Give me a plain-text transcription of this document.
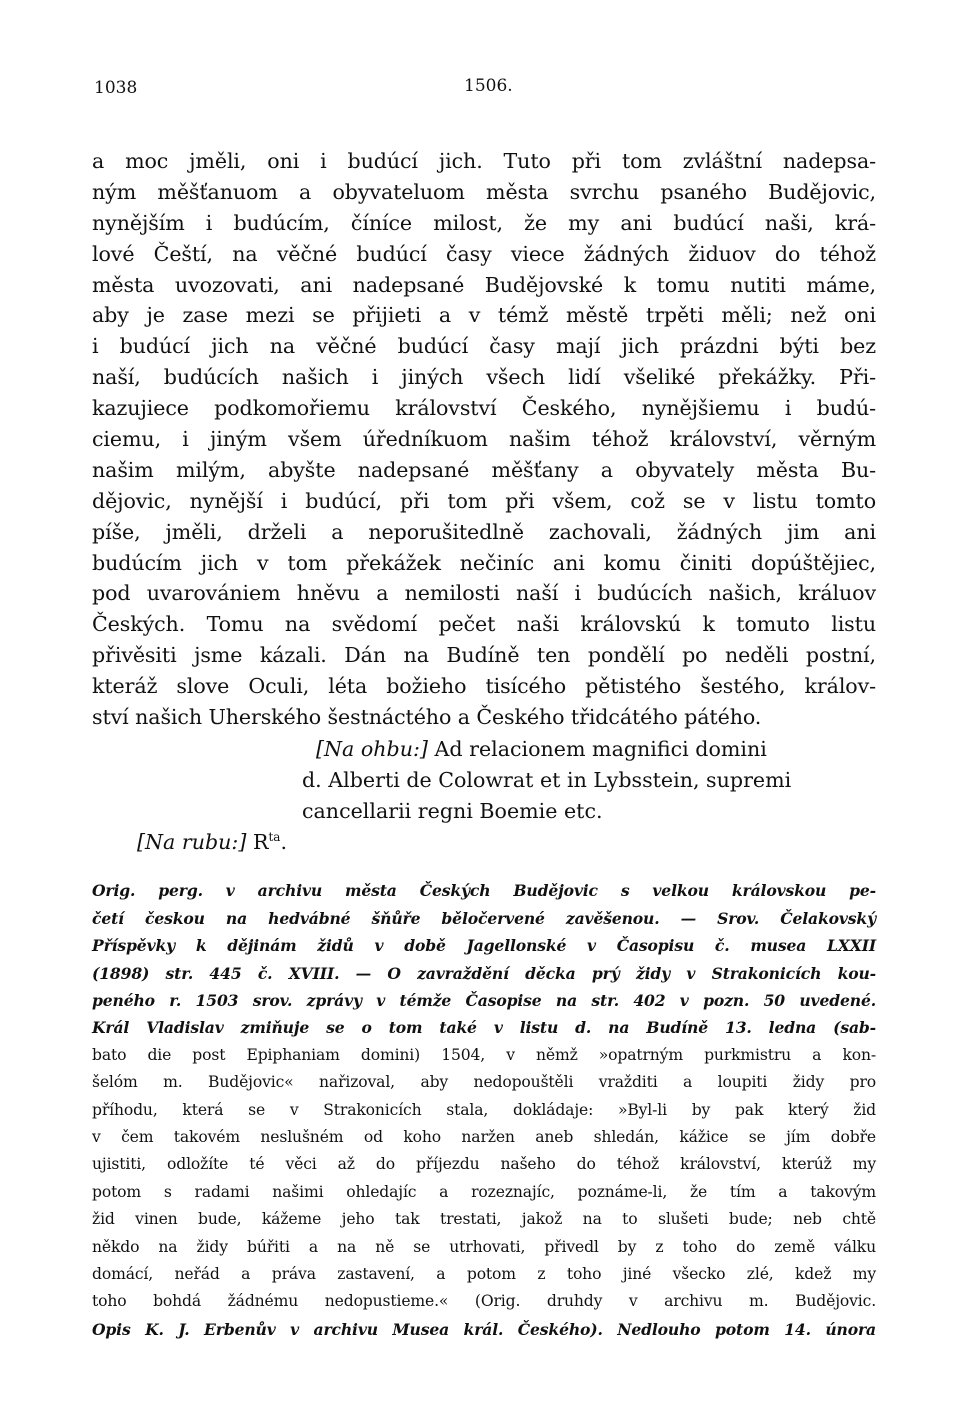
1038	1506.
a moc jměli, oni i budúcí jich. Tuto při tom zvláštní nadepsa-
ným měšťanuom a obyvateluom města svrchu psaného Budějovic,
nynějším i budúcím, číníce milost, že my ani budúcí naši, krá-
lové Čeští, na věčné budúcí časy viece žádných židuov do téhož
města uvozovati, ani nadepsané Budějovské k tomu nutiti máme,
aby je zase mezi se přijieti a v témž městě trpěti měli; než oni
i budúcí jich na věčné budúcí časy mají jich prázdni býti bez
naší, budúcích našich i jiných všech lidí všeliké překážky. Při-
kazujiece podkomořiemu království Českého, nynějšiemu i budú-
ciemu, i jiným všem úředníkuom našim téhož království, věrným
našim milým, abyšte nadepsané měšťany a obyvately města Bu-
dějovic, nynější i budúcí, při tom při všem, což se v listu tomto
píše, jměli, drželi a neporušitedlně zachovali, žádných jim ani
budúcím jich v tom překážek nečiníc ani komu činiti dopúštějiec,
pod uvarovániem hněvu a nemilosti naší i budúcích našich, králuov
Českých. Tomu na svědomí pečet naši královskú k tomuto listu
přivěsiti jsme kázali. Dán na Budíně ten pondělí po neděli postní,
kteráž slove Oculi, léta božieho tisícého pětistého šestého, králov-
ství našich Uherského šestnáctého a Českého třidcátého pátého.
[Na ohbu:] Ad relacionem magnifici domini
d. Alberti de Colowrat et in Lybsstein, supremi
cancellarii regni Boemie etc.
[Na rubu:] $R^{ta}$.
Orig. perg. v archivu města Českých Budějovic s velkou královskou pe-
četí českou na hedvábné šňůře běločervené zavěšenou. — Srov. Čelakovský
Příspěvky k dějinám židů v době Jagellonské v Časopisu č. musea LXXII
(1898) str. 445 č. XVIII. — O zavraždění děcka prý židy v Strakonicích kou-
peného r. 1503 srov. zprávy v témže Časopise na str. 402 v pozn. 50 uvedené.
Král Vladislav zmiňuje se o tom také v listu d. na Budíně 13. ledna (sab-
bato die post Epiphaniam domini) 1504, v němž »opatrným purkmistru a kon-
šelóm m. Budějovic« nařizoval, aby nedopouštěli vražditi a loupiti židy pro
příhodu, která se v Strakonicích stala, dokládaje: »Byl-li by pak který žid
v čem takovém neslušném od koho naržen aneb shledán, kážice se jím dobře
ujistiti, odložíte té věci až do příjezdu našeho do téhož království, kterúž my
potom s radami našimi ohledajíc a rozeznajíc, poznáme-li, že tím a takovým
žid vinen bude, kážeme jeho tak trestati, jakož na to slušeti bude; neb chtě
někdo na židy búřiti a na ně se utrhovati, přivedl by z toho do země válku
domácí, neřád a práva zastavení, a potom z toho jiné všecko zlé, kdež my
toho bohdá žádnému nedopustieme.« (Orig. druhdy v archivu m. Budějovic.
Opis K. J. Erbenův v archivu Musea král. Českého). Nedlouho potom 14. února
